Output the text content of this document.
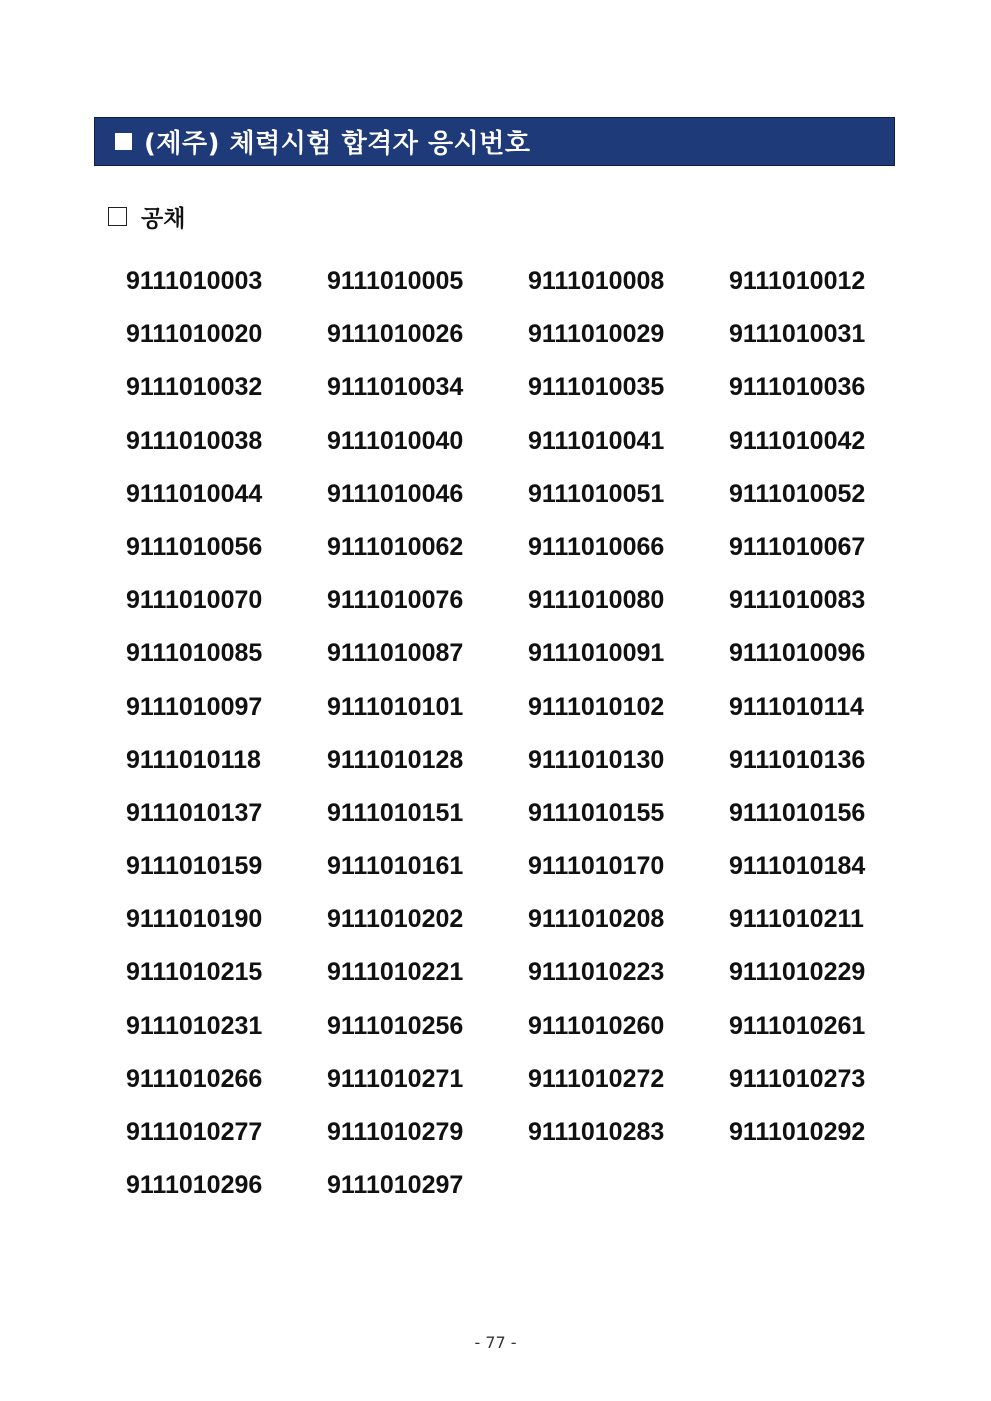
(제주) 체력시험 합격자 응시번호
공채
9111010003	9111010005	9111010008	9111010012
9111010020	9111010026	9111010029	9111010031
9111010032	9111010034	9111010035	9111010036
9111010038	9111010040	9111010041	9111010042
9111010044	9111010046	9111010051	9111010052
9111010056	9111010062	9111010066	9111010067
9111010070	9111010076	9111010080	9111010083
9111010085	9111010087	9111010091	9111010096
9111010097	9111010101	9111010102	9111010114
9111010118	9111010128	9111010130	9111010136
9111010137	9111010151	9111010155	9111010156
9111010159	9111010161	9111010170	9111010184
9111010190	9111010202	9111010208	9111010211
9111010215	9111010221	9111010223	9111010229
9111010231	9111010256	9111010260	9111010261
9111010266	9111010271	9111010272	9111010273
9111010277	9111010279	9111010283	9111010292
9111010296	9111010297
- 77 -
